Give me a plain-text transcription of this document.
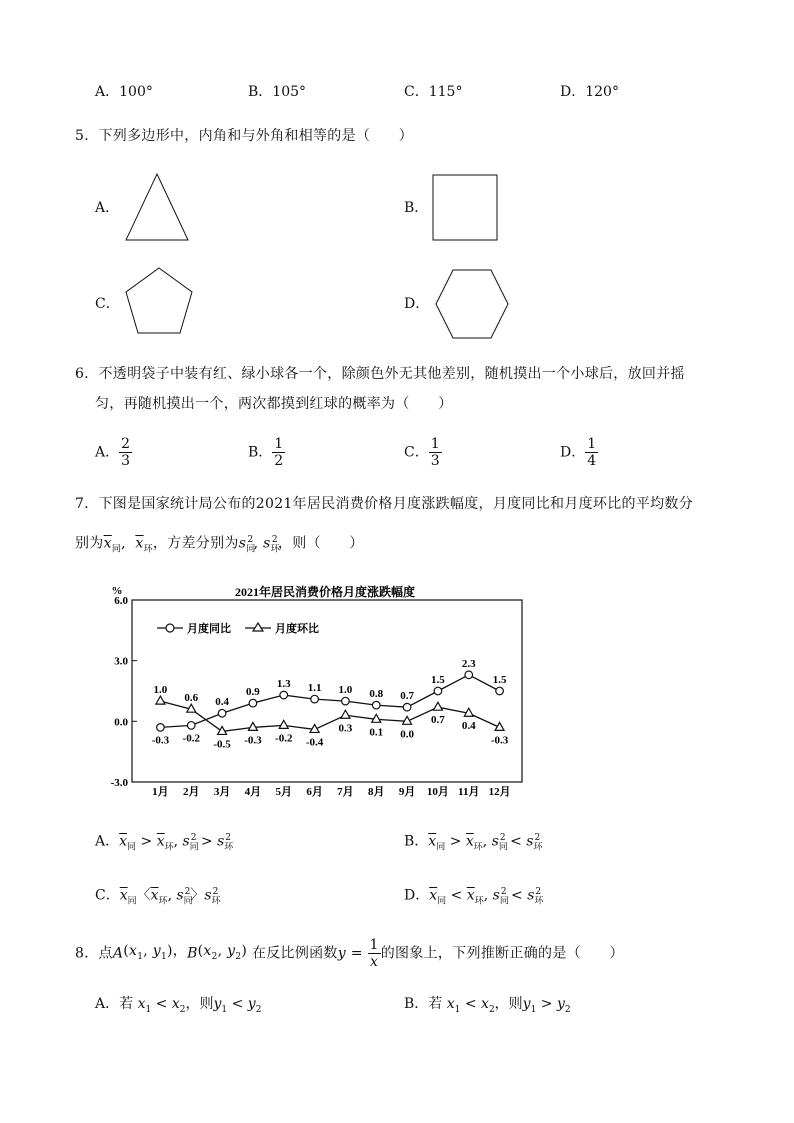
A．100°	B．105°	C．115°	D．120°
5．下列多边形中，内角和与外角和相等的是（　　）
A．	B．
C．	D．
6．不透明袋子中装有红、绿小球各一个，除颜色外无其他差别，随机摸出一个小球后，放回并摇
匀，再随机摸出一个，两次都摸到红球的概率为（　　）
A． $\frac{2}{3}$	B． $\frac{1}{2}$	C． $\frac{1}{3}$	D． $\frac{1}{4}$
7．下图是国家统计局公布的2021年居民消费价格月度涨跌幅度，月度同比和月度环比的平均数分
别为$\overline{x}_同$,  $\overline{x}_环$，方差分别为$s_同^2$, $s_环^2$，则（　　）
%	2021年居民消费价格月度涨跌幅度
月度同比	月度环比
6.0
3.0
0.0
-3.0
1月 2月 3月 4月 5月 6月 7月 8月 9月 10月 11月 12月
-0.3 -0.2
0.4
0.9
1.3 1.1 1.0 0.8 0.7
1.5
2.3
1.5
1.0
0.6
-0.5 -0.3 -0.2 -0.4
0.3 0.1 0.0
0.7
0.4
-0.3
A．$\overline{x}_同 > \overline{x}_环$, $s_同^2 > s_环^2$	B．$\overline{x}_同 > \overline{x}_环$, $s_同^2 < s_环^2$
C．$\overline{x}_同$〈$\overline{x}_环$, $s_同^2$〉$s_环^2$	D．$\overline{x}_同 < \overline{x}_环$, $s_同^2 < s_环^2$
8．点$A(x_1$, $y_1$)，$B(x_2$, $y_2$) 在反比例函数$y = \frac{1}{x}$ 的图象上，下列推断正确的是（　　）
A．若 $x_1 < x_2$，则$y_1 < y_2$	B．若 $x_1 < x_2$，则$y_1 > y_2$
